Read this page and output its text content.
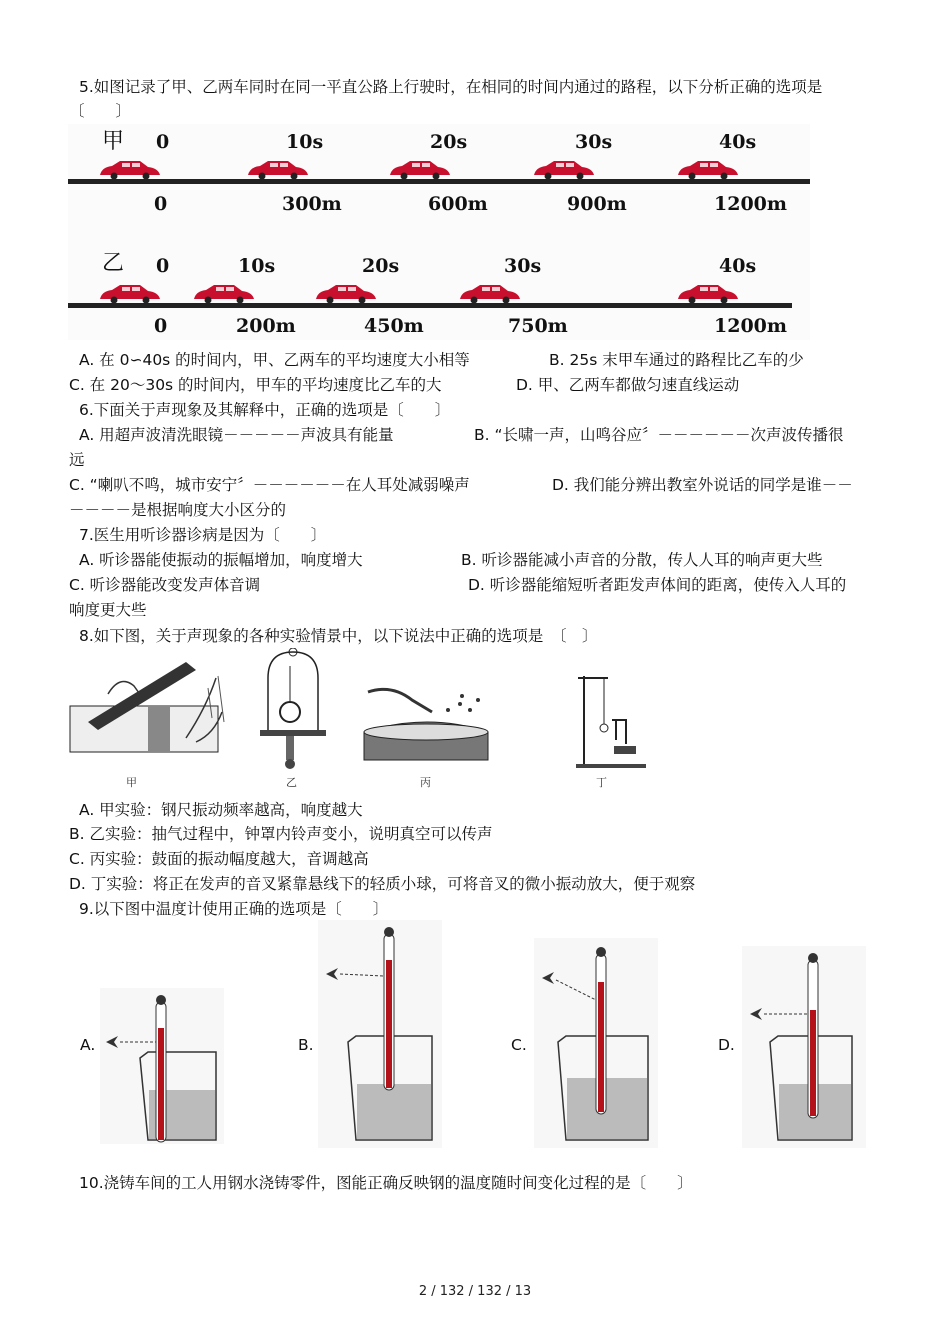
5.如图记录了甲、乙两车同时在同一平直公路上行驶时，在相同的时间内通过的路程，以下分析正确的选项是
〔　　〕
甲 0	10s	20s	30s	40s
0	300m	600m	900m	1200m
乙 0	10s	20s	30s	40s
0	200m	450m	750m	1200m
A. 在 0∽40s 的时间内，甲、乙两车的平均速度大小相等	B. 25s 末甲车通过的路程比乙车的少
C. 在 20～30s 的时间内，甲车的平均速度比乙车的大	D. 甲、乙两车都做匀速直线运动
6.下面关于声现象及其解释中，正确的选项是〔　　〕
A. 用超声波清洗眼镜－－－－－声波具有能量	B. “长啸一声，山鸣谷应〞－－－－－－次声波传播很
远
C. “喇叭不鸣，城市安宁〞－－－－－－在人耳处减弱噪声	D. 我们能分辨出教室外说话的同学是谁－－
－－－－是根据响度大小区分的
7.医生用听诊器诊病是因为〔　　〕
A. 听诊器能使振动的振幅增加，响度增大	B. 听诊器能减小声音的分散，传人人耳的响声更大些
C. 听诊器能改变发声体音调	D. 听诊器能缩短听者距发声体间的距离，使传入人耳的
响度更大些
8.如下图，关于声现象的各种实验情景中，以下说法中正确的选项是　〔　〕
甲	乙	丙	丁
A. 甲实验：钢尺振动频率越高，响度越大
B. 乙实验：抽气过程中，钟罩内铃声变小，说明真空可以传声
C. 丙实验：鼓面的振动幅度越大，音调越高
D. 丁实验：将正在发声的音叉紧靠悬线下的轻质小球，可将音叉的微小振动放大，便于观察
9.以下图中温度计使用正确的选项是〔　　〕
A.	B.	C.	D.
10.浇铸车间的工人用钢水浇铸零件，图能正确反映钢的温度随时间变化过程的是〔　　〕
2 / 132 / 132 / 13
